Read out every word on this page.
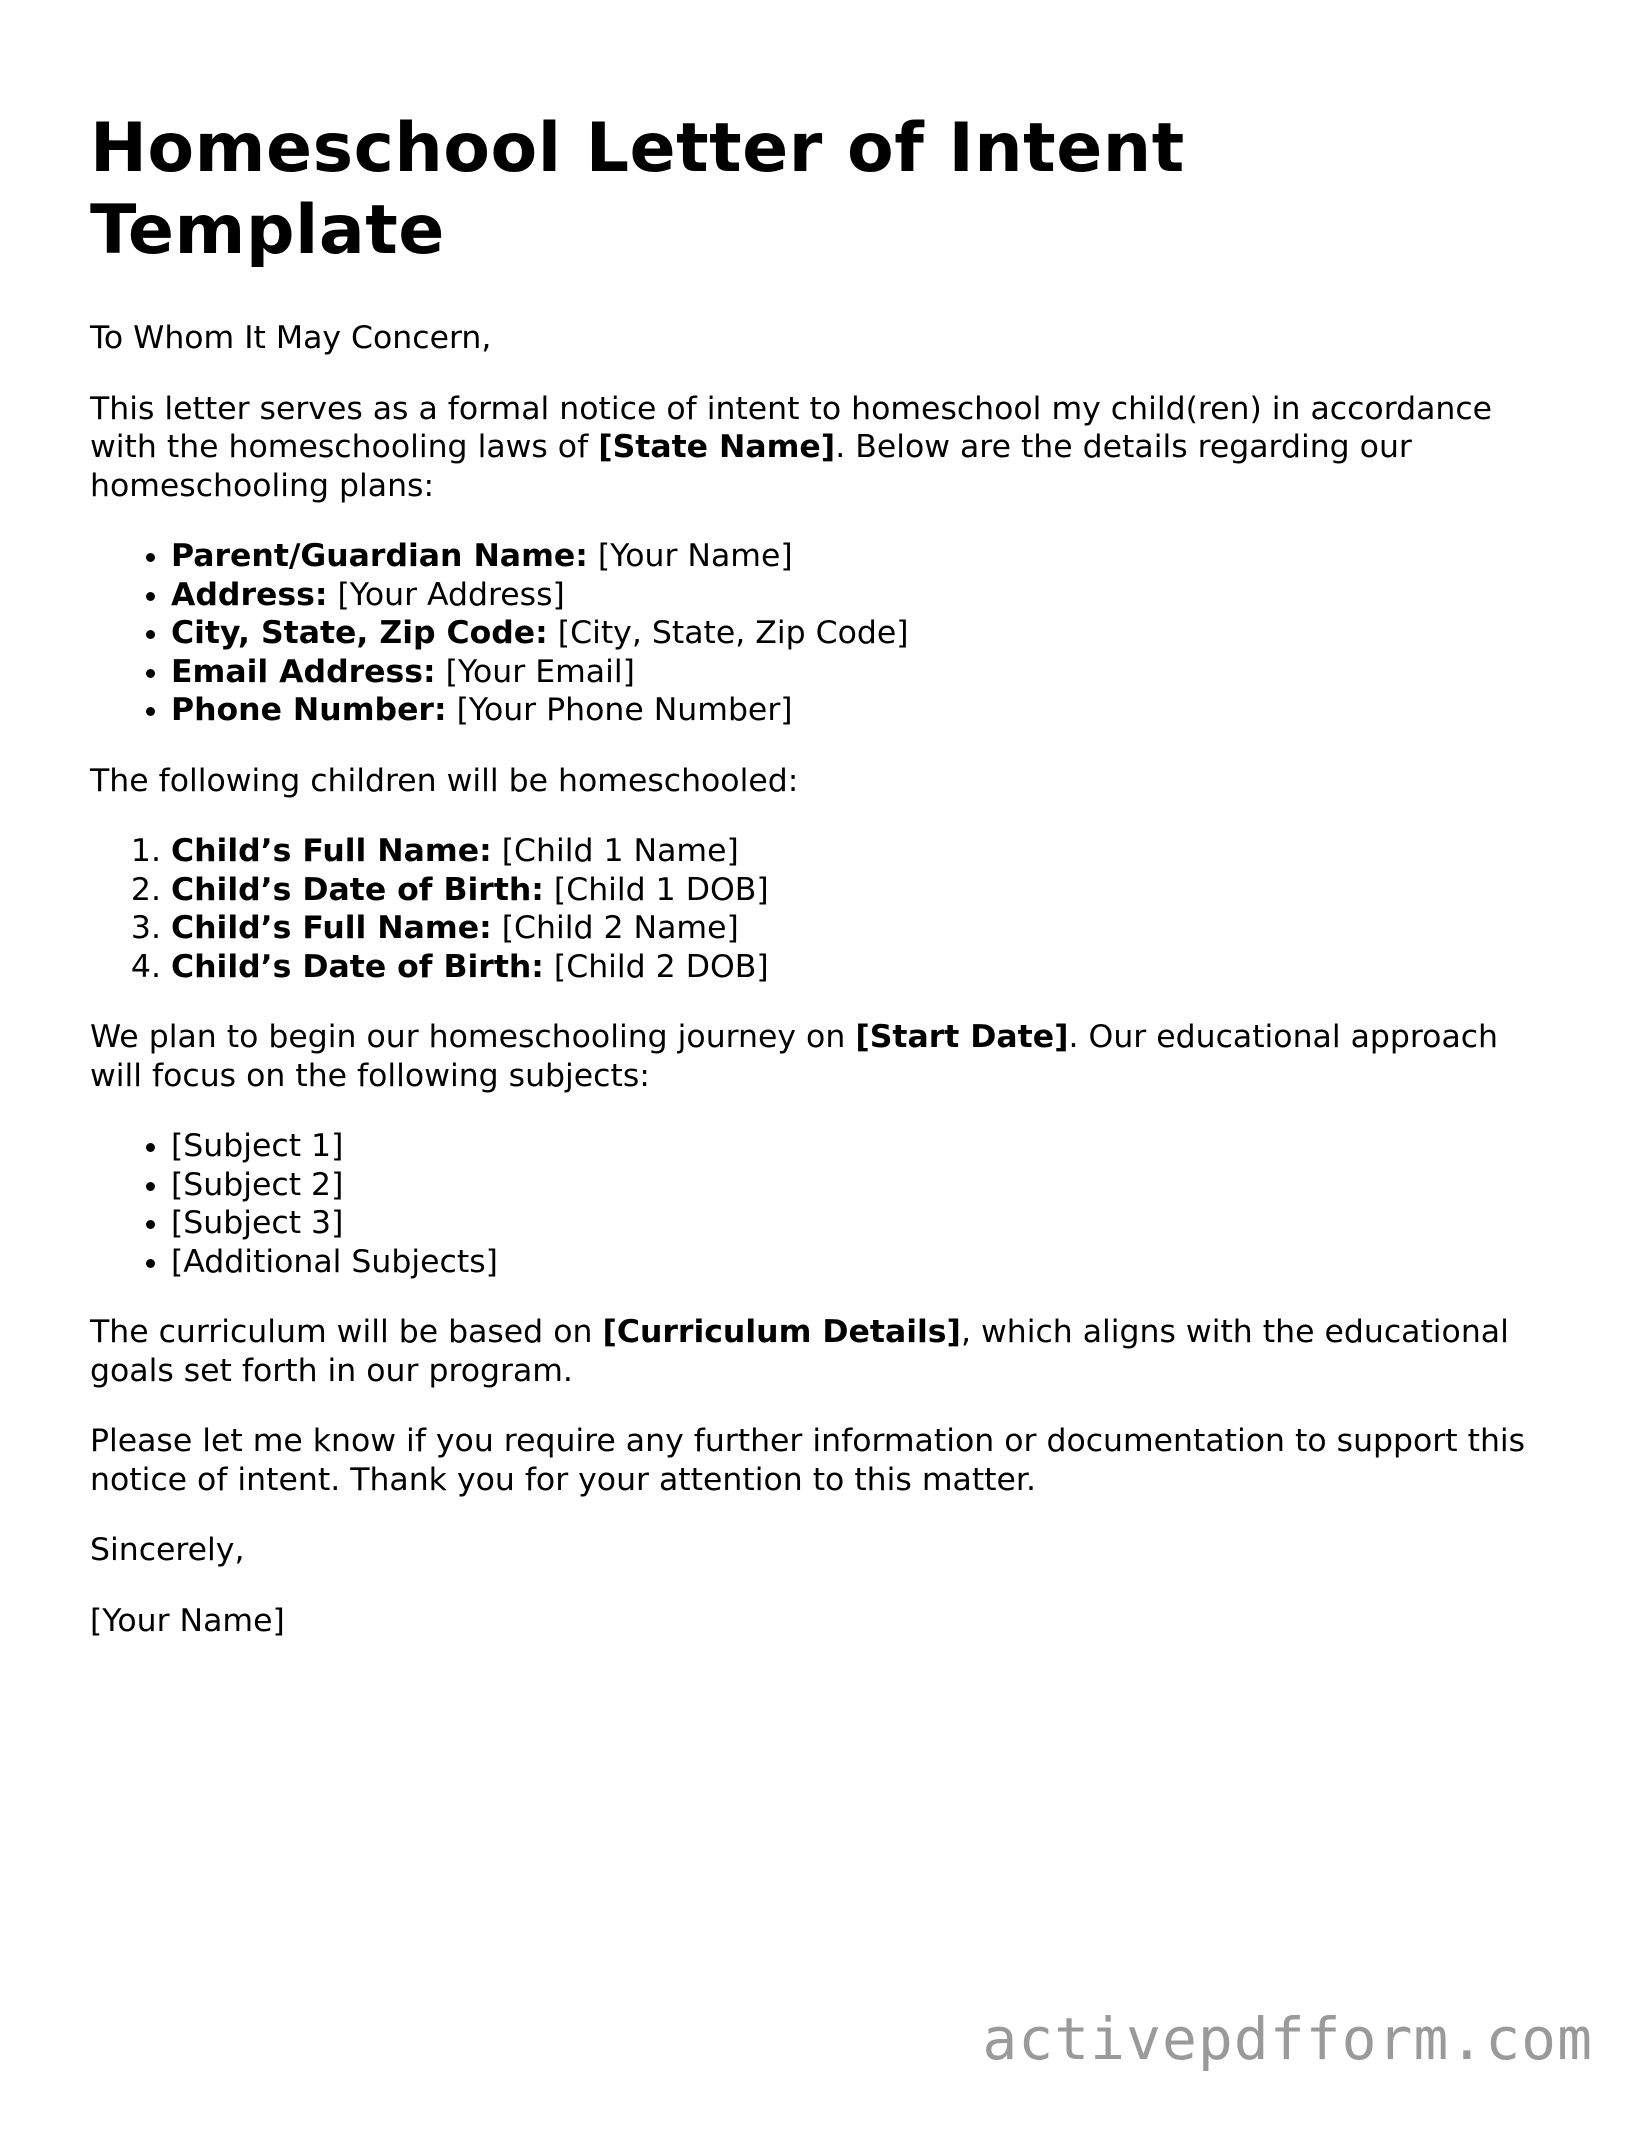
Homeschool Letter of Intent Template

To Whom It May Concern,

This letter serves as a formal notice of intent to homeschool my child(ren) in accordance with the homeschooling laws of [State Name]. Below are the details regarding our homeschooling plans:

• Parent/Guardian Name: [Your Name]
• Address: [Your Address]
• City, State, Zip Code: [City, State, Zip Code]
• Email Address: [Your Email]
• Phone Number: [Your Phone Number]

The following children will be homeschooled:

1. Child’s Full Name: [Child 1 Name]
2. Child’s Date of Birth: [Child 1 DOB]
3. Child’s Full Name: [Child 2 Name]
4. Child’s Date of Birth: [Child 2 DOB]

We plan to begin our homeschooling journey on [Start Date]. Our educational approach will focus on the following subjects:

• [Subject 1]
• [Subject 2]
• [Subject 3]
• [Additional Subjects]

The curriculum will be based on [Curriculum Details], which aligns with the educational goals set forth in our program.

Please let me know if you require any further information or documentation to support this notice of intent. Thank you for your attention to this matter.

Sincerely,

[Your Name]

activepdfform.com
